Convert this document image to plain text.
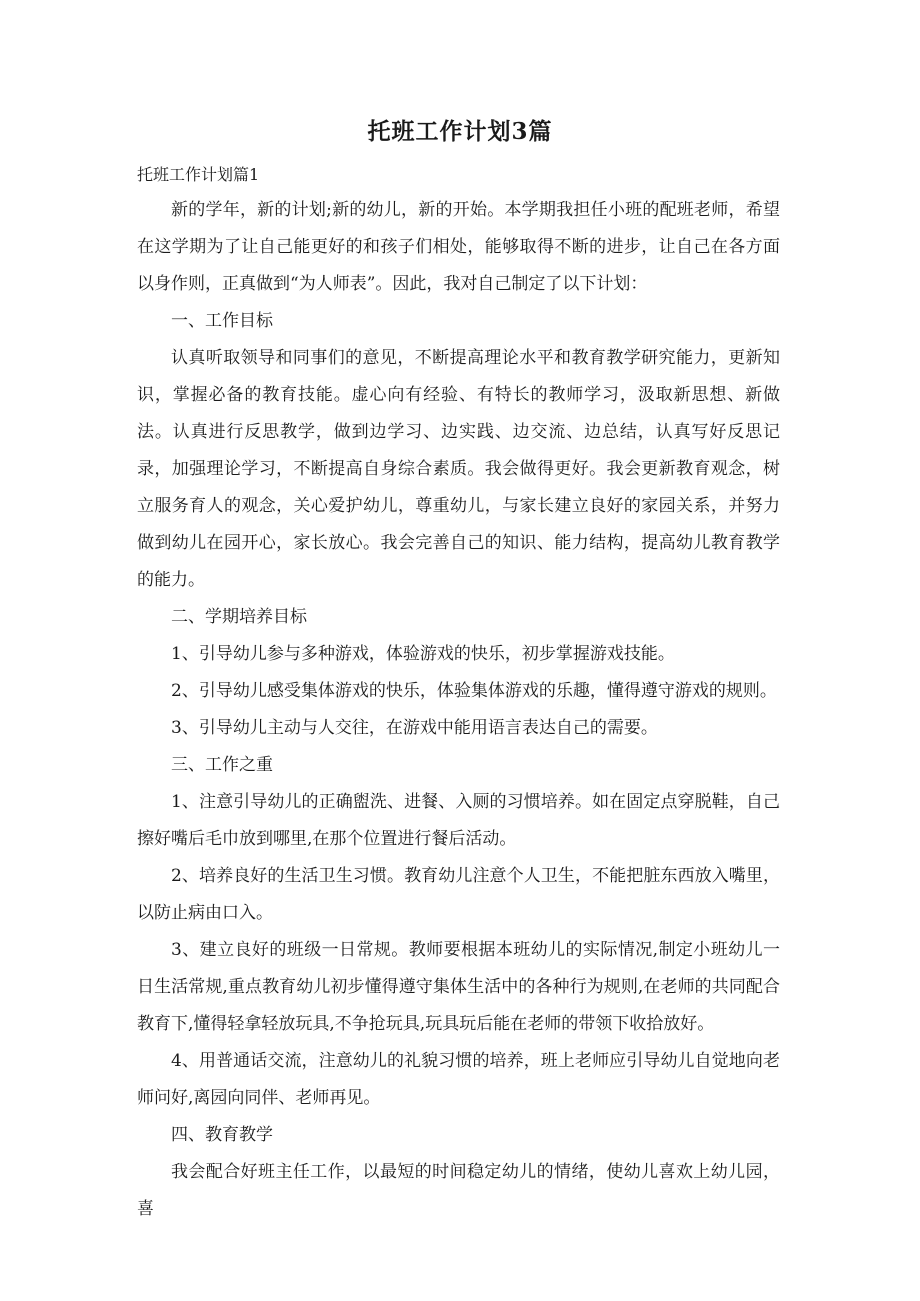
托班工作计划3篇
托班工作计划篇1

新的学年，新的计划;新的幼儿，新的开始。本学期我担任小班的配班老师，希望在这学期为了让自己能更好的和孩子们相处，能够取得不断的进步，让自己在各方面以身作则，正真做到“为人师表”。因此，我对自己制定了以下计划：

一、工作目标

认真听取领导和同事们的意见，不断提高理论水平和教育教学研究能力，更新知识，掌握必备的教育技能。虚心向有经验、有特长的教师学习，汲取新思想、新做法。认真进行反思教学，做到边学习、边实践、边交流、边总结，认真写好反思记录，加强理论学习，不断提高自身综合素质。我会做得更好。我会更新教育观念，树立服务育人的观念，关心爱护幼儿，尊重幼儿，与家长建立良好的家园关系，并努力做到幼儿在园开心，家长放心。我会完善自己的知识、能力结构，提高幼儿教育教学的能力。

二、学期培养目标

1、引导幼儿参与多种游戏，体验游戏的快乐，初步掌握游戏技能。

2、引导幼儿感受集体游戏的快乐，体验集体游戏的乐趣，懂得遵守游戏的规则。

3、引导幼儿主动与人交往，在游戏中能用语言表达自己的需要。

三、工作之重

1、注意引导幼儿的正确盥洗、进餐、入厕的习惯培养。如在固定点穿脱鞋，自己擦好嘴后毛巾放到哪里,在那个位置进行餐后活动。

2、培养良好的生活卫生习惯。教育幼儿注意个人卫生，不能把脏东西放入嘴里，以防止病由口入。

3、建立良好的班级一日常规。教师要根据本班幼儿的实际情况,制定小班幼儿一日生活常规,重点教育幼儿初步懂得遵守集体生活中的各种行为规则,在老师的共同配合教育下,懂得轻拿轻放玩具,不争抢玩具,玩具玩后能在老师的带领下收拾放好。

4、用普通话交流，注意幼儿的礼貌习惯的培养，班上老师应引导幼儿自觉地向老师问好,离园向同伴、老师再见。

四、教育教学

我会配合好班主任工作，以最短的时间稳定幼儿的情绪，使幼儿喜欢上幼儿园，喜
